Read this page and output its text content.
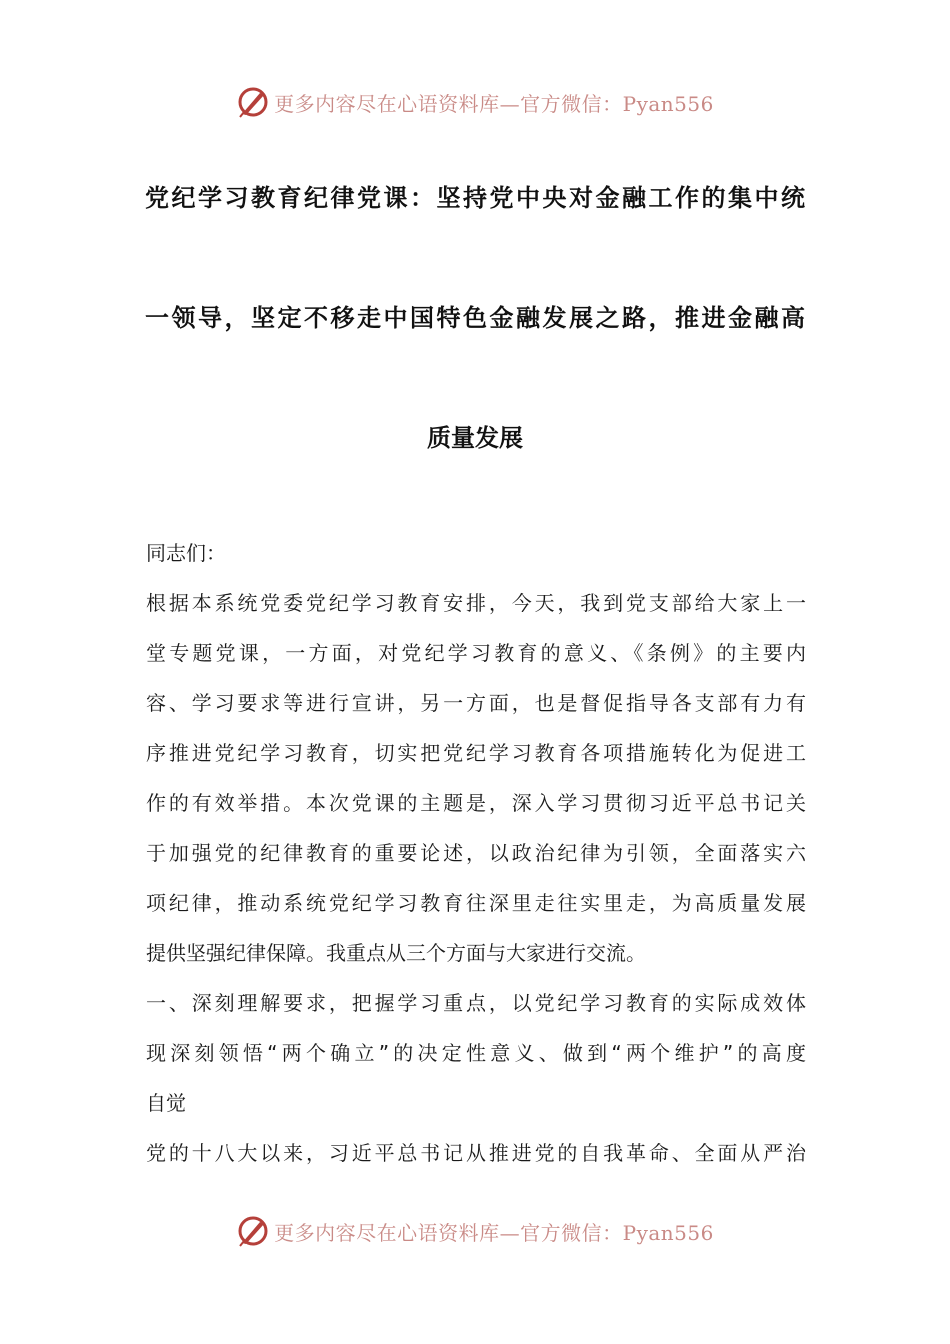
更多内容尽在心语资料库—官方微信：Pyan556
党纪学习教育纪律党课：坚持党中央对金融工作的集中统
一领导，坚定不移走中国特色金融发展之路，推进金融高
质量发展
同志们：
根据本系统党委党纪学习教育安排，今天，我到党支部给大家上一
堂专题党课，一方面，对党纪学习教育的意义、《条例》的主要内
容、学习要求等进行宣讲，另一方面，也是督促指导各支部有力有
序推进党纪学习教育，切实把党纪学习教育各项措施转化为促进工
作的有效举措。本次党课的主题是，深入学习贯彻习近平总书记关
于加强党的纪律教育的重要论述，以政治纪律为引领，全面落实六
项纪律，推动系统党纪学习教育往深里走往实里走，为高质量发展
提供坚强纪律保障。我重点从三个方面与大家进行交流。
一、深刻理解要求，把握学习重点，以党纪学习教育的实际成效体
现深刻领悟“两个确立”的决定性意义、做到“两个维护”的高度
自觉
党的十八大以来，习近平总书记从推进党的自我革命、全面从严治
更多内容尽在心语资料库—官方微信：Pyan556
